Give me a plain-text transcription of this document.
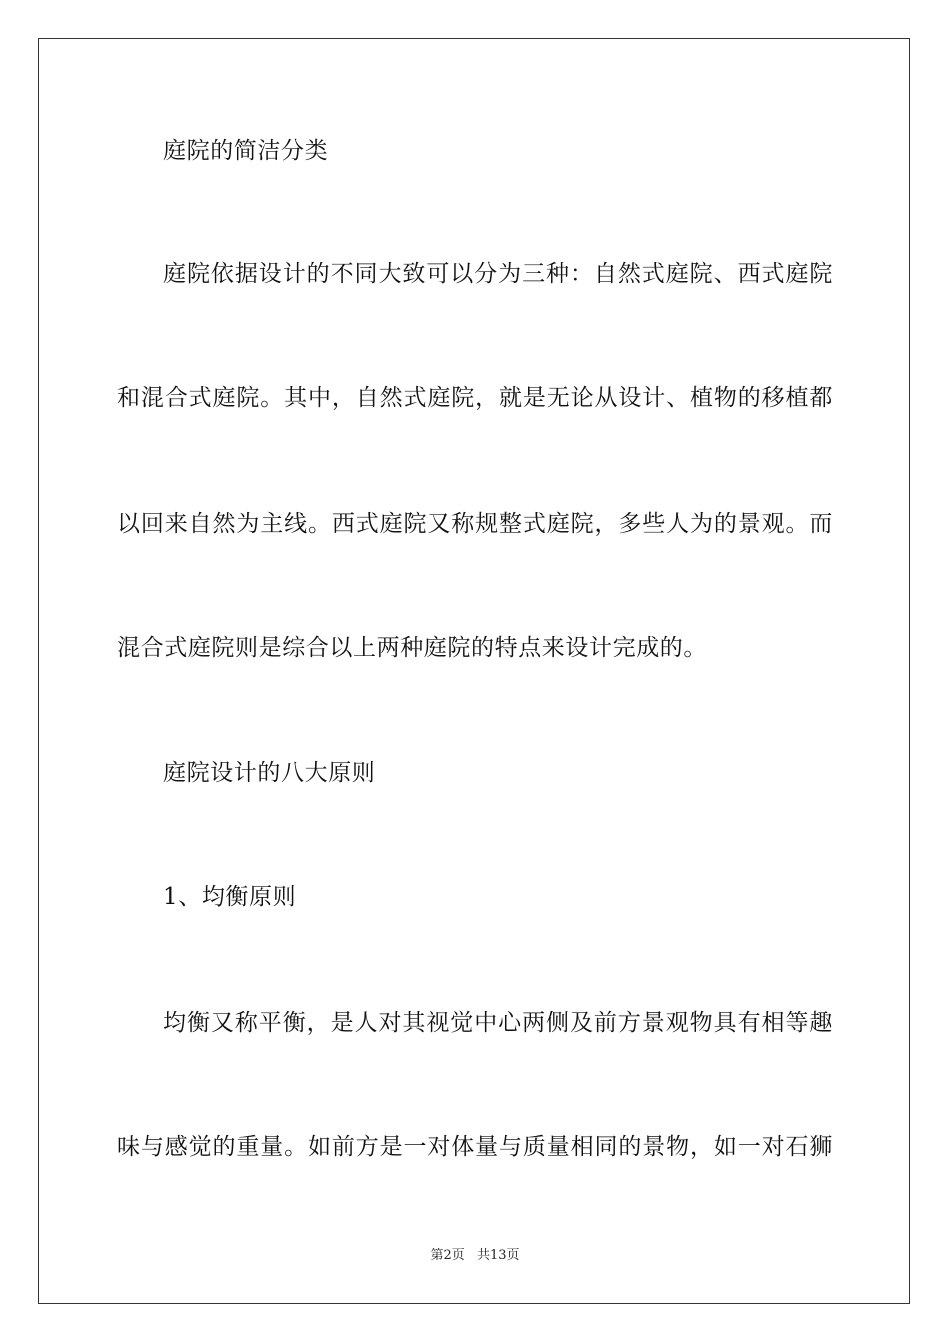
庭院的简洁分类
庭院依据设计的不同大致可以分为三种：自然式庭院、西式庭院
和混合式庭院。其中，自然式庭院，就是无论从设计、植物的移植都
以回来自然为主线。西式庭院又称规整式庭院，多些人为的景观。而
混合式庭院则是综合以上两种庭院的特点来设计完成的。
庭院设计的八大原则
1、均衡原则
均衡又称平衡，是人对其视觉中心两侧及前方景观物具有相等趣
味与感觉的重量。如前方是一对体量与质量相同的景物，如一对石狮
第2页 共13页
